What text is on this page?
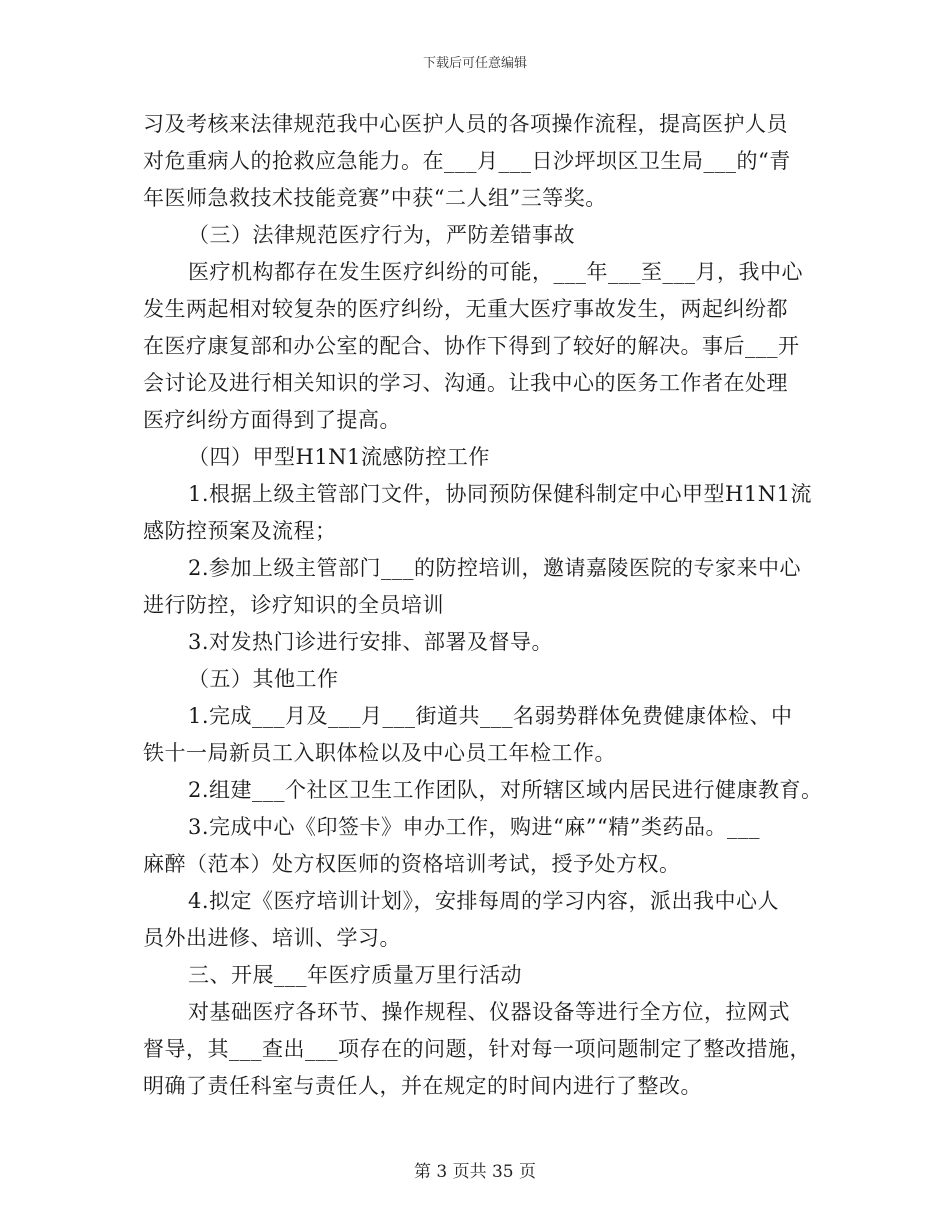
下载后可任意编辑
习及考核来法律规范我中心医护人员的各项操作流程，提高医护人员
对危重病人的抢救应急能力。在___月___日沙坪坝区卫生局___的“青
年医师急救技术技能竞赛”中获“二人组”三等奖。
（三）法律规范医疗行为，严防差错事故
医疗机构都存在发生医疗纠纷的可能，___年___至___月，我中心
发生两起相对较复杂的医疗纠纷，无重大医疗事故发生，两起纠纷都
在医疗康复部和办公室的配合、协作下得到了较好的解决。事后___开
会讨论及进行相关知识的学习、沟通。让我中心的医务工作者在处理
医疗纠纷方面得到了提高。
（四）甲型H1N1流感防控工作
1.根据上级主管部门文件，协同预防保健科制定中心甲型H1N1流
感防控预案及流程；
2.参加上级主管部门___的防控培训，邀请嘉陵医院的专家来中心
进行防控，诊疗知识的全员培训
3.对发热门诊进行安排、部署及督导。
（五）其他工作
1.完成___月及___月___街道共___名弱势群体免费健康体检、中
铁十一局新员工入职体检以及中心员工年检工作。
2.组建___个社区卫生工作团队，对所辖区域内居民进行健康教育。
3.完成中心《印签卡》申办工作，购进“麻”“精”类药品。___
麻醉（范本）处方权医师的资格培训考试，授予处方权。
4.拟定《医疗培训计划》，安排每周的学习内容，派出我中心人
员外出进修、培训、学习。
三、开展___年医疗质量万里行活动
对基础医疗各环节、操作规程、仪器设备等进行全方位，拉网式
督导，其___查出___项存在的问题，针对每一项问题制定了整改措施，
明确了责任科室与责任人，并在规定的时间内进行了整改。
第 3 页共 35 页
